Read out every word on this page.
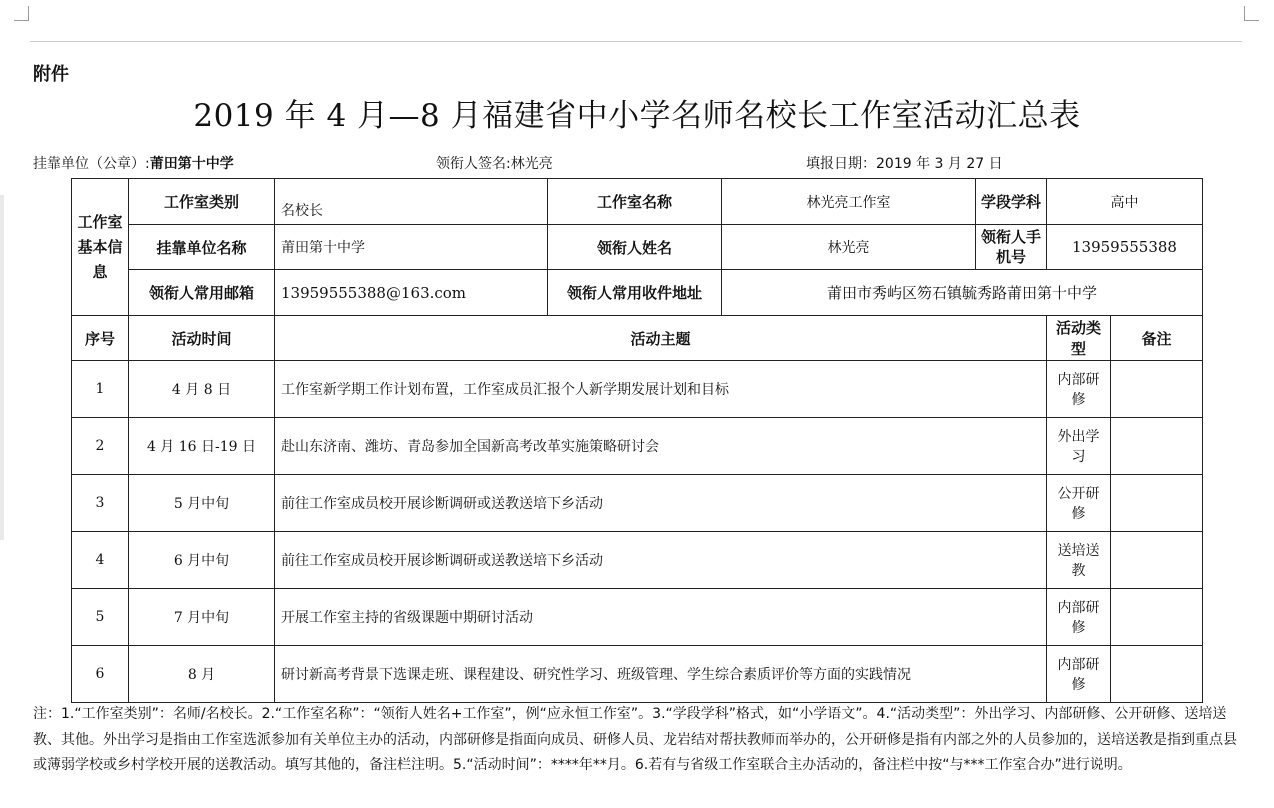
附件
2019 年 4 月—8 月福建省中小学名师名校长工作室活动汇总表
挂靠单位（公章）:莆田第十中学	领衔人签名:林光亮	填报日期：2019 年 3 月 27 日
工作室基本信息	工作室类别	名校长	工作室名称	林光亮工作室	学段学科	高中	
	挂靠单位名称	莆田第十中学	领衔人姓名	林光亮	领衔人手机号	13959555388	
	领衔人常用邮箱	13959555388@163.com	领衔人常用收件地址	莆田市秀屿区笏石镇毓秀路莆田第十中学			
序号	活动时间	活动主题				活动类型	备注
1	4 月 8 日	工作室新学期工作计划布置，工作室成员汇报个人新学期发展计划和目标				内部研修	
2	4 月 16 日-19 日	赴山东济南、潍坊、青岛参加全国新高考改革实施策略研讨会				外出学习	
3	5 月中旬	前往工作室成员校开展诊断调研或送教送培下乡活动				公开研修	
4	6 月中旬	前往工作室成员校开展诊断调研或送教送培下乡活动				送培送教	
5	7 月中旬	开展工作室主持的省级课题中期研讨活动				内部研修	
6	8 月	研讨新高考背景下选课走班、课程建设、研究性学习、班级管理、学生综合素质评价等方面的实践情况				内部研修	
注：1.“工作室类别”：名师/名校长。2.“工作室名称”：“领衔人姓名+工作室”，例“应永恒工作室”。3.“学段学科”格式，如“小学语文”。4.“活动类型”：外出学习、内部研修、公开研修、送培送教、其他。外出学习是指由工作室选派参加有关单位主办的活动，内部研修是指面向成员、研修人员、龙岩结对帮扶教师而举办的，公开研修是指有内部之外的人员参加的，送培送教是指到重点县或薄弱学校或乡村学校开展的送教活动。填写其他的，备注栏注明。5.“活动时间”：****年**月。6.若有与省级工作室联合主办活动的，备注栏中按“与***工作室合办”进行说明。
